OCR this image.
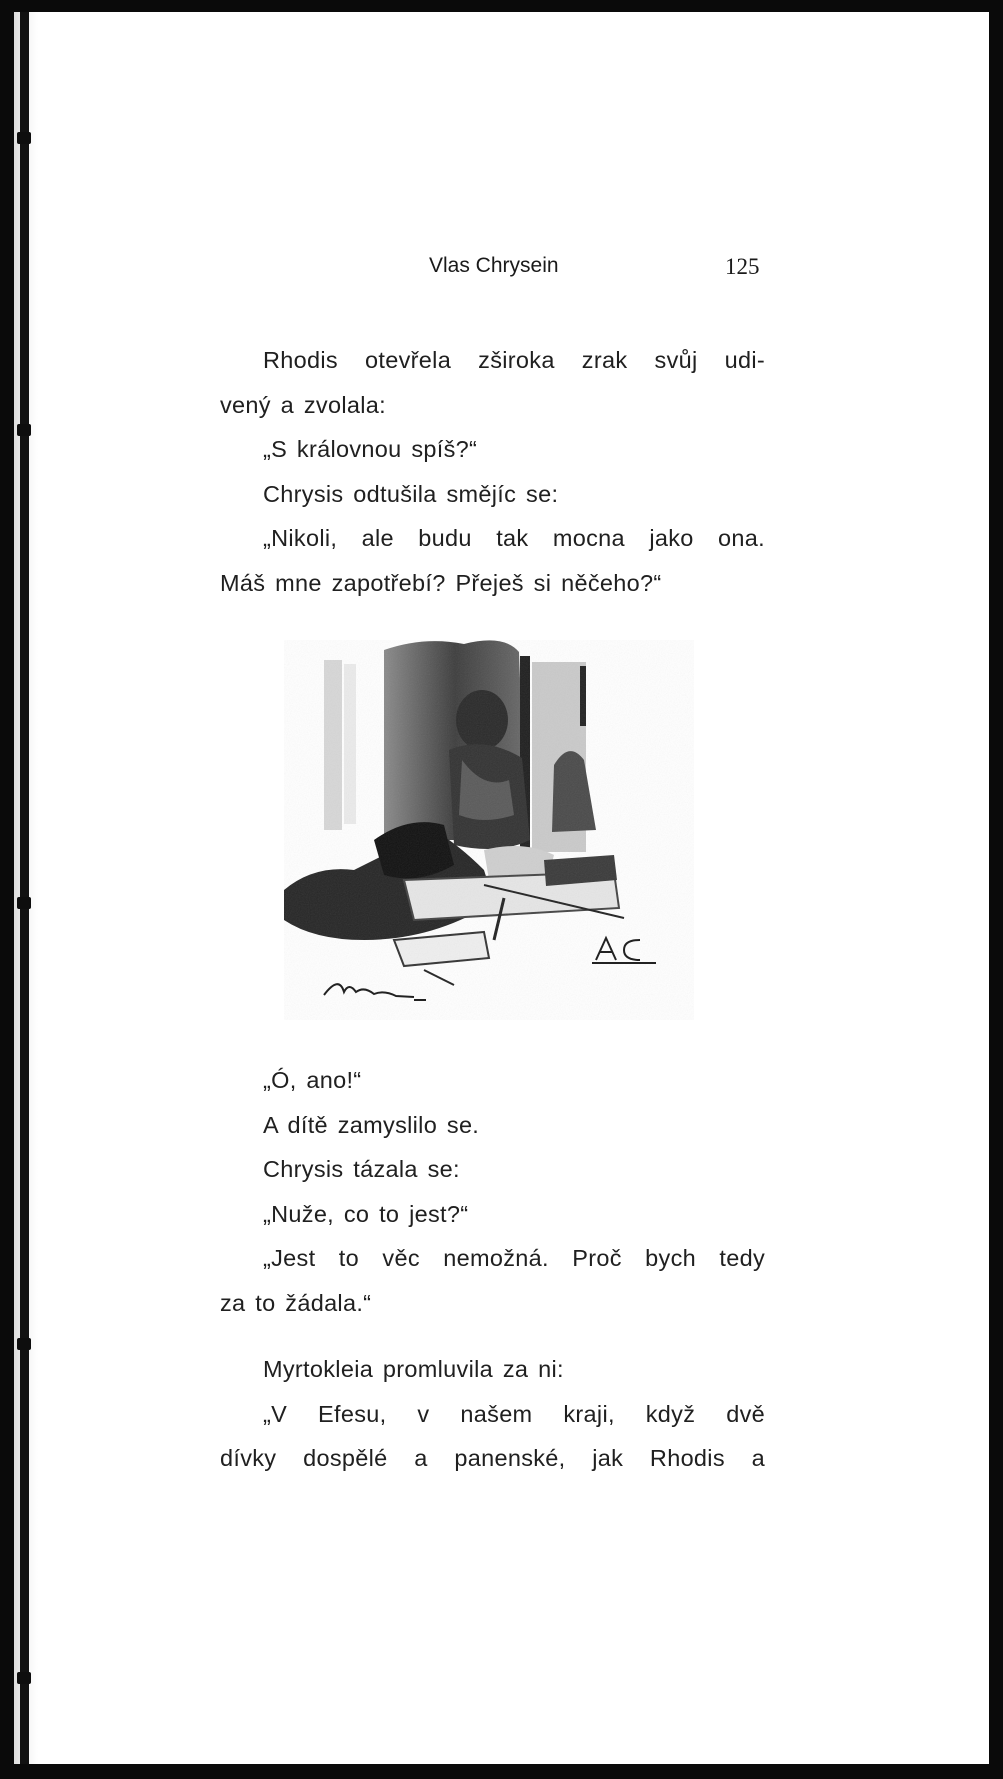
Vlas Chrysein	125
Rhodis otevřela zširoka zrak svůj udi-
vený a zvolala:
„S královnou spíš?“
Chrysis odtušila smějíc se:
„Nikoli, ale budu tak mocna jako ona.
Máš mne zapotřebí? Přeješ si něčeho?“
„Ó, ano!“
A dítě zamyslilo se.
Chrysis tázala se:
„Nuže, co to jest?“
„Jest to věc nemožná. Proč bych tedy
za to žádala.“
Myrtokleia promluvila za ni:
„V Efesu, v našem kraji, když dvě
dívky dospělé a panenské, jak Rhodis a
